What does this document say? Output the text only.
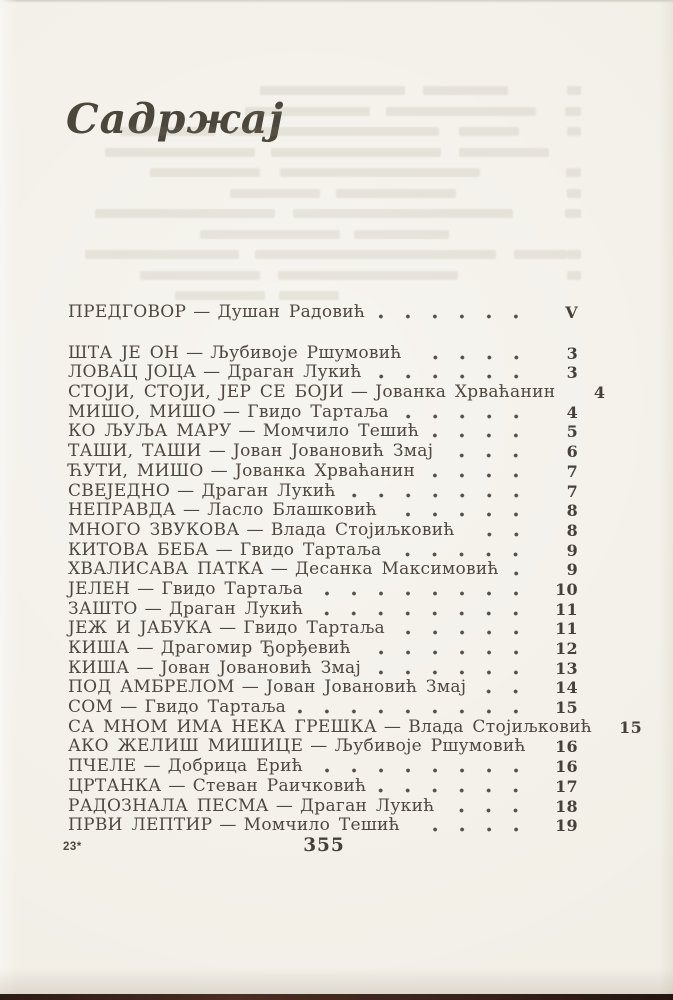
Садржај
ПРЕДГОВОР — Душан Радовић	V
ШТА ЈЕ ОН — Љубивоје Ршумовић	3
ЛОВАЦ ЈОЦА — Драган Лукић	3
СТОЈИ, СТОЈИ, ЈЕР СЕ БОЈИ — Јованка Хрваћанин	4
МИШО, МИШО — Гвидо Тартаља	4
КО ЉУЉА МАРУ — Момчило Тешић	5
ТАШИ, ТАШИ — Јован Јовановић Змај	6
ЋУТИ, МИШО — Јованка Хрваћанин	7
СВЕЈЕДНО — Драган Лукић	7
НЕПРАВДА — Ласло Блашковић	8
МНОГО ЗВУКОВА — Влада Стојиљковић	8
КИТОВА БЕБА — Гвидо Тартаља	9
ХВАЛИСАВА ПАТКА — Десанка Максимовић	9
ЈЕЛЕН — Гвидо Тартаља	10
ЗАШТО — Драган Лукић	11
ЈЕЖ И ЈАБУКА — Гвидо Тартаља	11
КИША — Драгомир Ђорђевић	12
КИША — Јован Јовановић Змај	13
ПОД АМБРЕЛОМ — Јован Јовановић Змај	14
СОМ — Гвидо Тартаља	15
СА МНОМ ИМА НЕКА ГРЕШКА — Влада Стојиљковић	15
АКО ЖЕЛИШ МИШИЦЕ — Љубивоје Ршумовић	16
ПЧЕЛЕ — Добрица Ерић	16
ЦРТАНКА — Стеван Раичковић	17
РАДОЗНАЛА ПЕСМА — Драган Лукић	18
ПРВИ ЛЕПТИР — Момчило Тешић	19
23*	355
